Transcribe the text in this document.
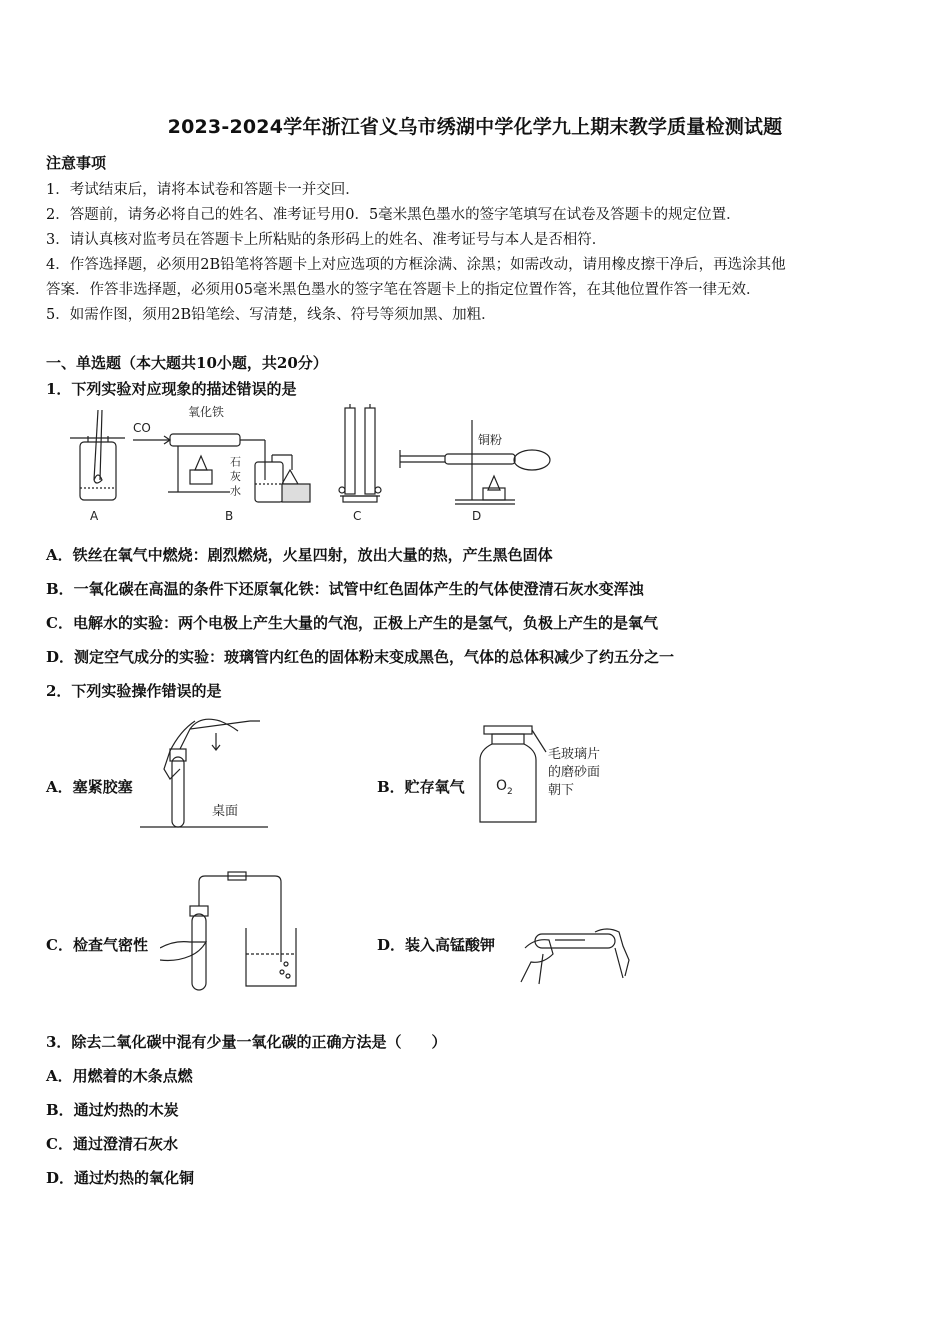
2023-2024学年浙江省义乌市绣湖中学化学九上期末教学质量检测试题
注意事项
1．考试结束后，请将本试卷和答题卡一并交回．
2．答题前，请务必将自己的姓名、准考证号用0．5毫米黑色墨水的签字笔填写在试卷及答题卡的规定位置．
3．请认真核对监考员在答题卡上所粘贴的条形码上的姓名、准考证号与本人是否相符．
4．作答选择题，必须用2B铅笔将答题卡上对应选项的方框涂满、涂黑；如需改动，请用橡皮擦干净后，再选涂其他
答案．作答非选择题，必须用05毫米黑色墨水的签字笔在答题卡上的指定位置作答，在其他位置作答一律无效．
5．如需作图，须用2B铅笔绘、写清楚，线条、符号等须加黑、加粗．
一、单选题（本大题共10小题，共20分）
1．下列实验对应现象的描述错误的是
A
CO
氧化铁
石 灰 水
B	C
铜粉
D
A．铁丝在氧气中燃烧：剧烈燃烧，火星四射，放出大量的热，产生黑色固体
B．一氧化碳在高温的条件下还原氧化铁：试管中红色固体产生的气体使澄清石灰水变浑浊
C．电解水的实验：两个电极上产生大量的气泡，正极上产生的是氢气，负极上产生的是氧气
D．测定空气成分的实验：玻璃管内红色的固体粉末变成黑色，气体的总体积减少了约五分之一
2．下列实验操作错误的是
A．塞紧胶塞
桌面
B．贮存氧气 O 2
毛玻璃片
的磨砂面
朝下
C．检查气密性	D．装入高锰酸钾
3．除去二氧化碳中混有少量一氧化碳的正确方法是（　　）
A．用燃着的木条点燃
B．通过灼热的木炭
C．通过澄清石灰水
D．通过灼热的氧化铜
